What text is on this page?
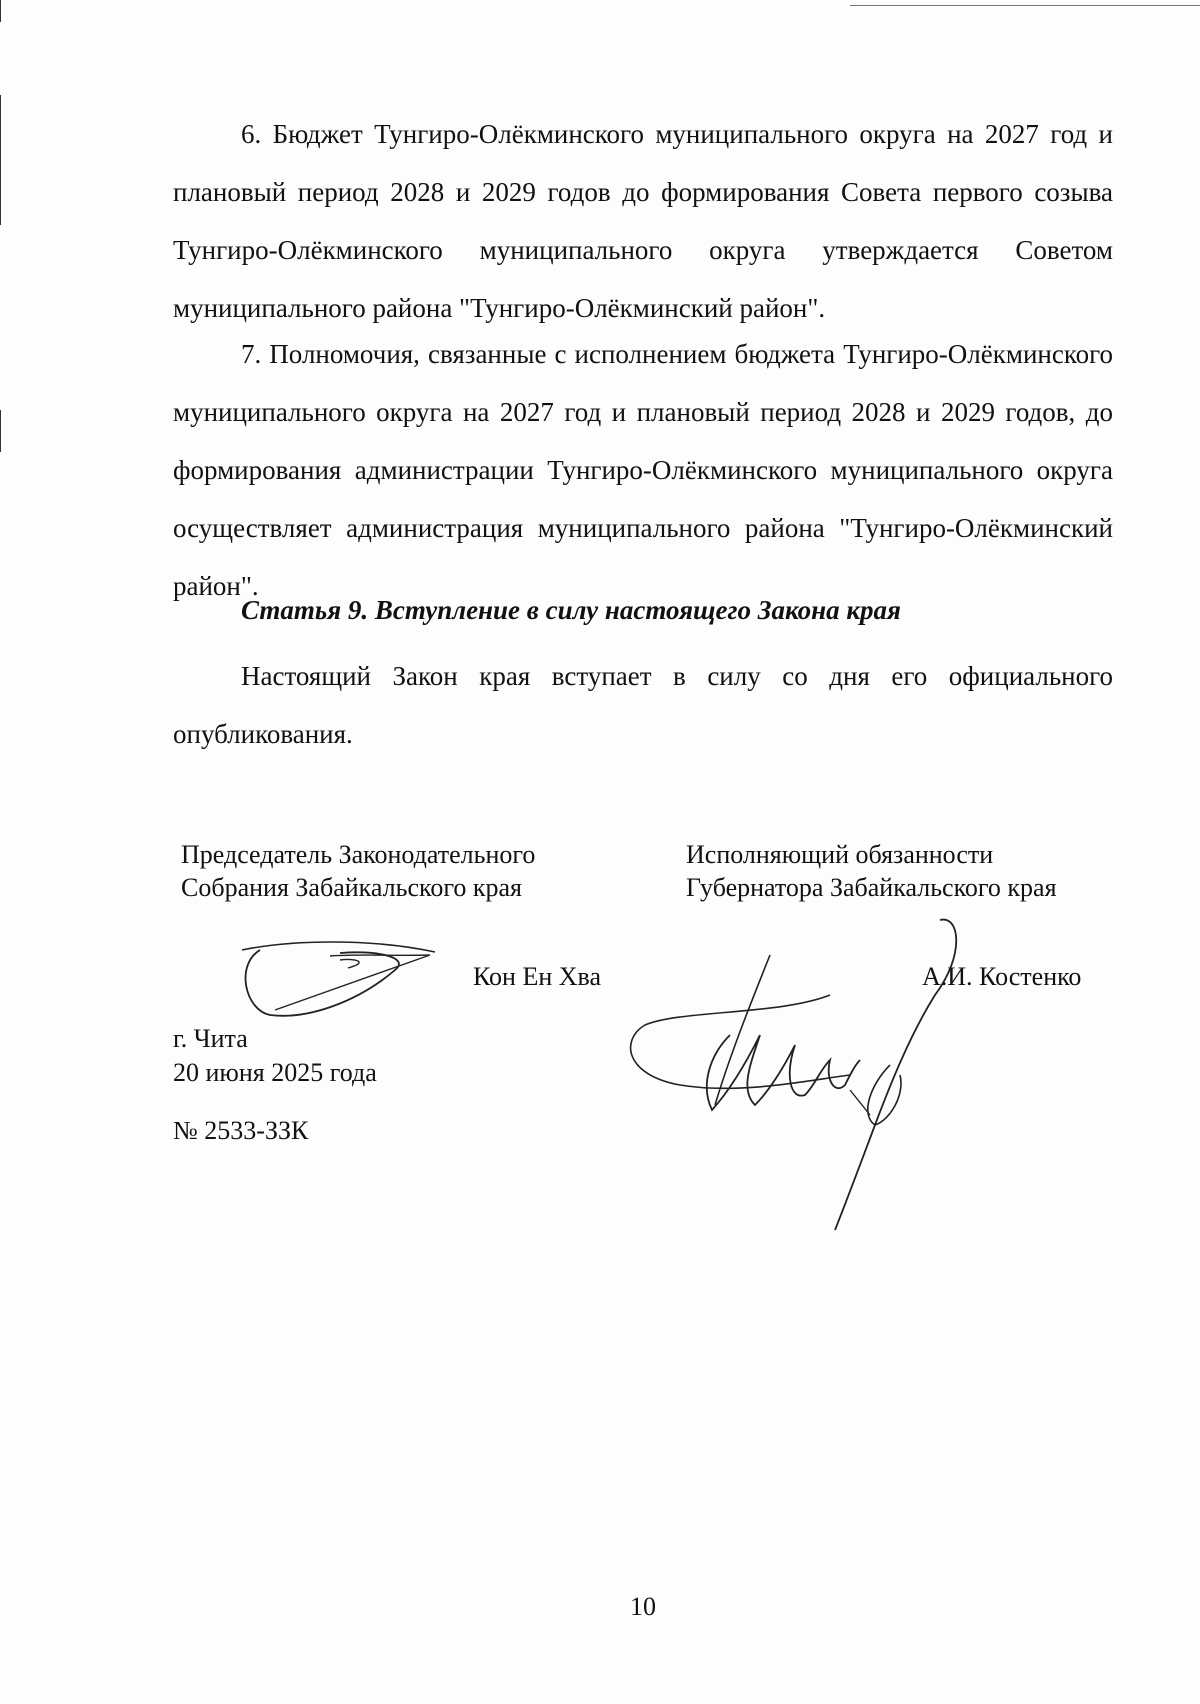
6. Бюджет Тунгиро-Олёкминского муниципального округа на 2027 год и плановый период 2028 и 2029 годов до формирования Совета первого созыва Тунгиро-Олёкминского муниципального округа утверждается Советом муниципального района "Тунгиро-Олёкминский район".

7. Полномочия, связанные с исполнением бюджета Тунгиро-Олёкминского муниципального округа на 2027 год и плановый период 2028 и 2029 годов, до формирования администрации Тунгиро-Олёкминского муниципального округа осуществляет администрация муниципального района "Тунгиро-Олёкминский район".

Статья 9. Вступление в силу настоящего Закона края

Настоящий Закон края вступает в силу со дня его официального опубликования.

Председатель Законодательного
Собрания Забайкальского края
Исполняющий обязанности
Губернатора Забайкальского края
Кон Ен Хва	А.И. Костенко
г. Чита
20 июня 2025 года
№ 2533-ЗЗК
10
